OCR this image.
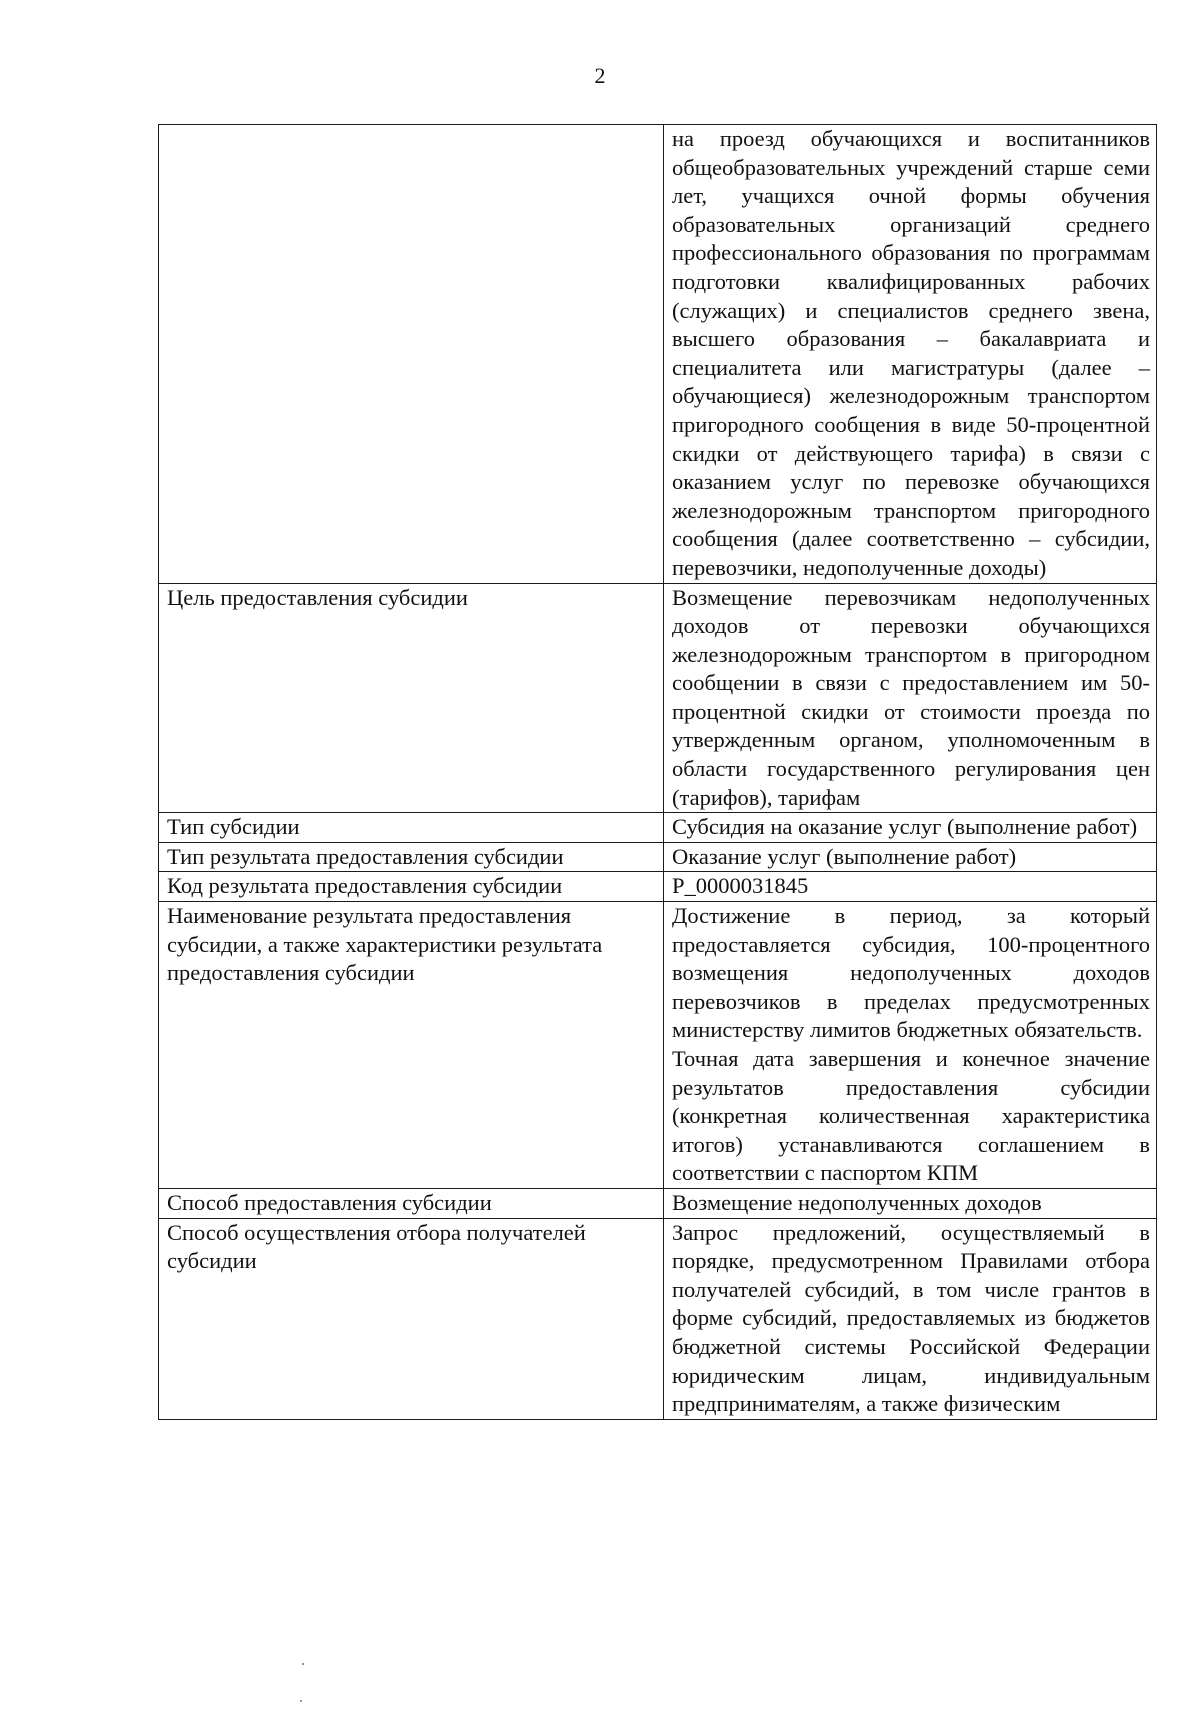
2

	на проезд обучающихся и воспитанников общеобразовательных учреждений старше семи лет, учащихся очной формы обучения образовательных организаций среднего профессионального образования по программам подготовки квалифицированных рабочих (служащих) и специалистов среднего звена, высшего образования – бакалавриата и специалитета или магистратуры (далее – обучающиеся) железнодорожным транспортом пригородного сообщения в виде 50-процентной скидки от действующего тарифа) в связи с оказанием услуг по перевозке обучающихся железнодорожным транспортом пригородного сообщения (далее соответственно – субсидии, перевозчики, недополученные доходы)

Цель предоставления субсидии	Возмещение перевозчикам недополученных доходов от перевозки обучающихся железнодорожным транспортом в пригородном сообщении в связи с предоставлением им 50-процентной скидки от стоимости проезда по утвержденным органом, уполномоченным в области государственного регулирования цен (тарифов), тарифам

Тип субсидии	Субсидия на оказание услуг (выполнение работ)

Тип результата предоставления субсидии	Оказание услуг (выполнение работ)

Код результата предоставления субсидии	P_0000031845

Наименование результата предоставления субсидии, а также характеристики результата предоставления субсидии	Достижение в период, за который предоставляется субсидия, 100-процентного возмещения недополученных доходов перевозчиков в пределах предусмотренных министерству лимитов бюджетных обязательств.
Точная дата завершения и конечное значение результатов предоставления субсидии (конкретная количественная характеристика итогов) устанавливаются соглашением в соответствии с паспортом КПМ

Способ предоставления субсидии	Возмещение недополученных доходов

Способ осуществления отбора получателей субсидии	Запрос предложений, осуществляемый в порядке, предусмотренном Правилами отбора получателей субсидий, в том числе грантов в форме субсидий, предоставляемых из бюджетов бюджетной системы Российской Федерации юридическим лицам, индивидуальным предпринимателям, а также физическим
